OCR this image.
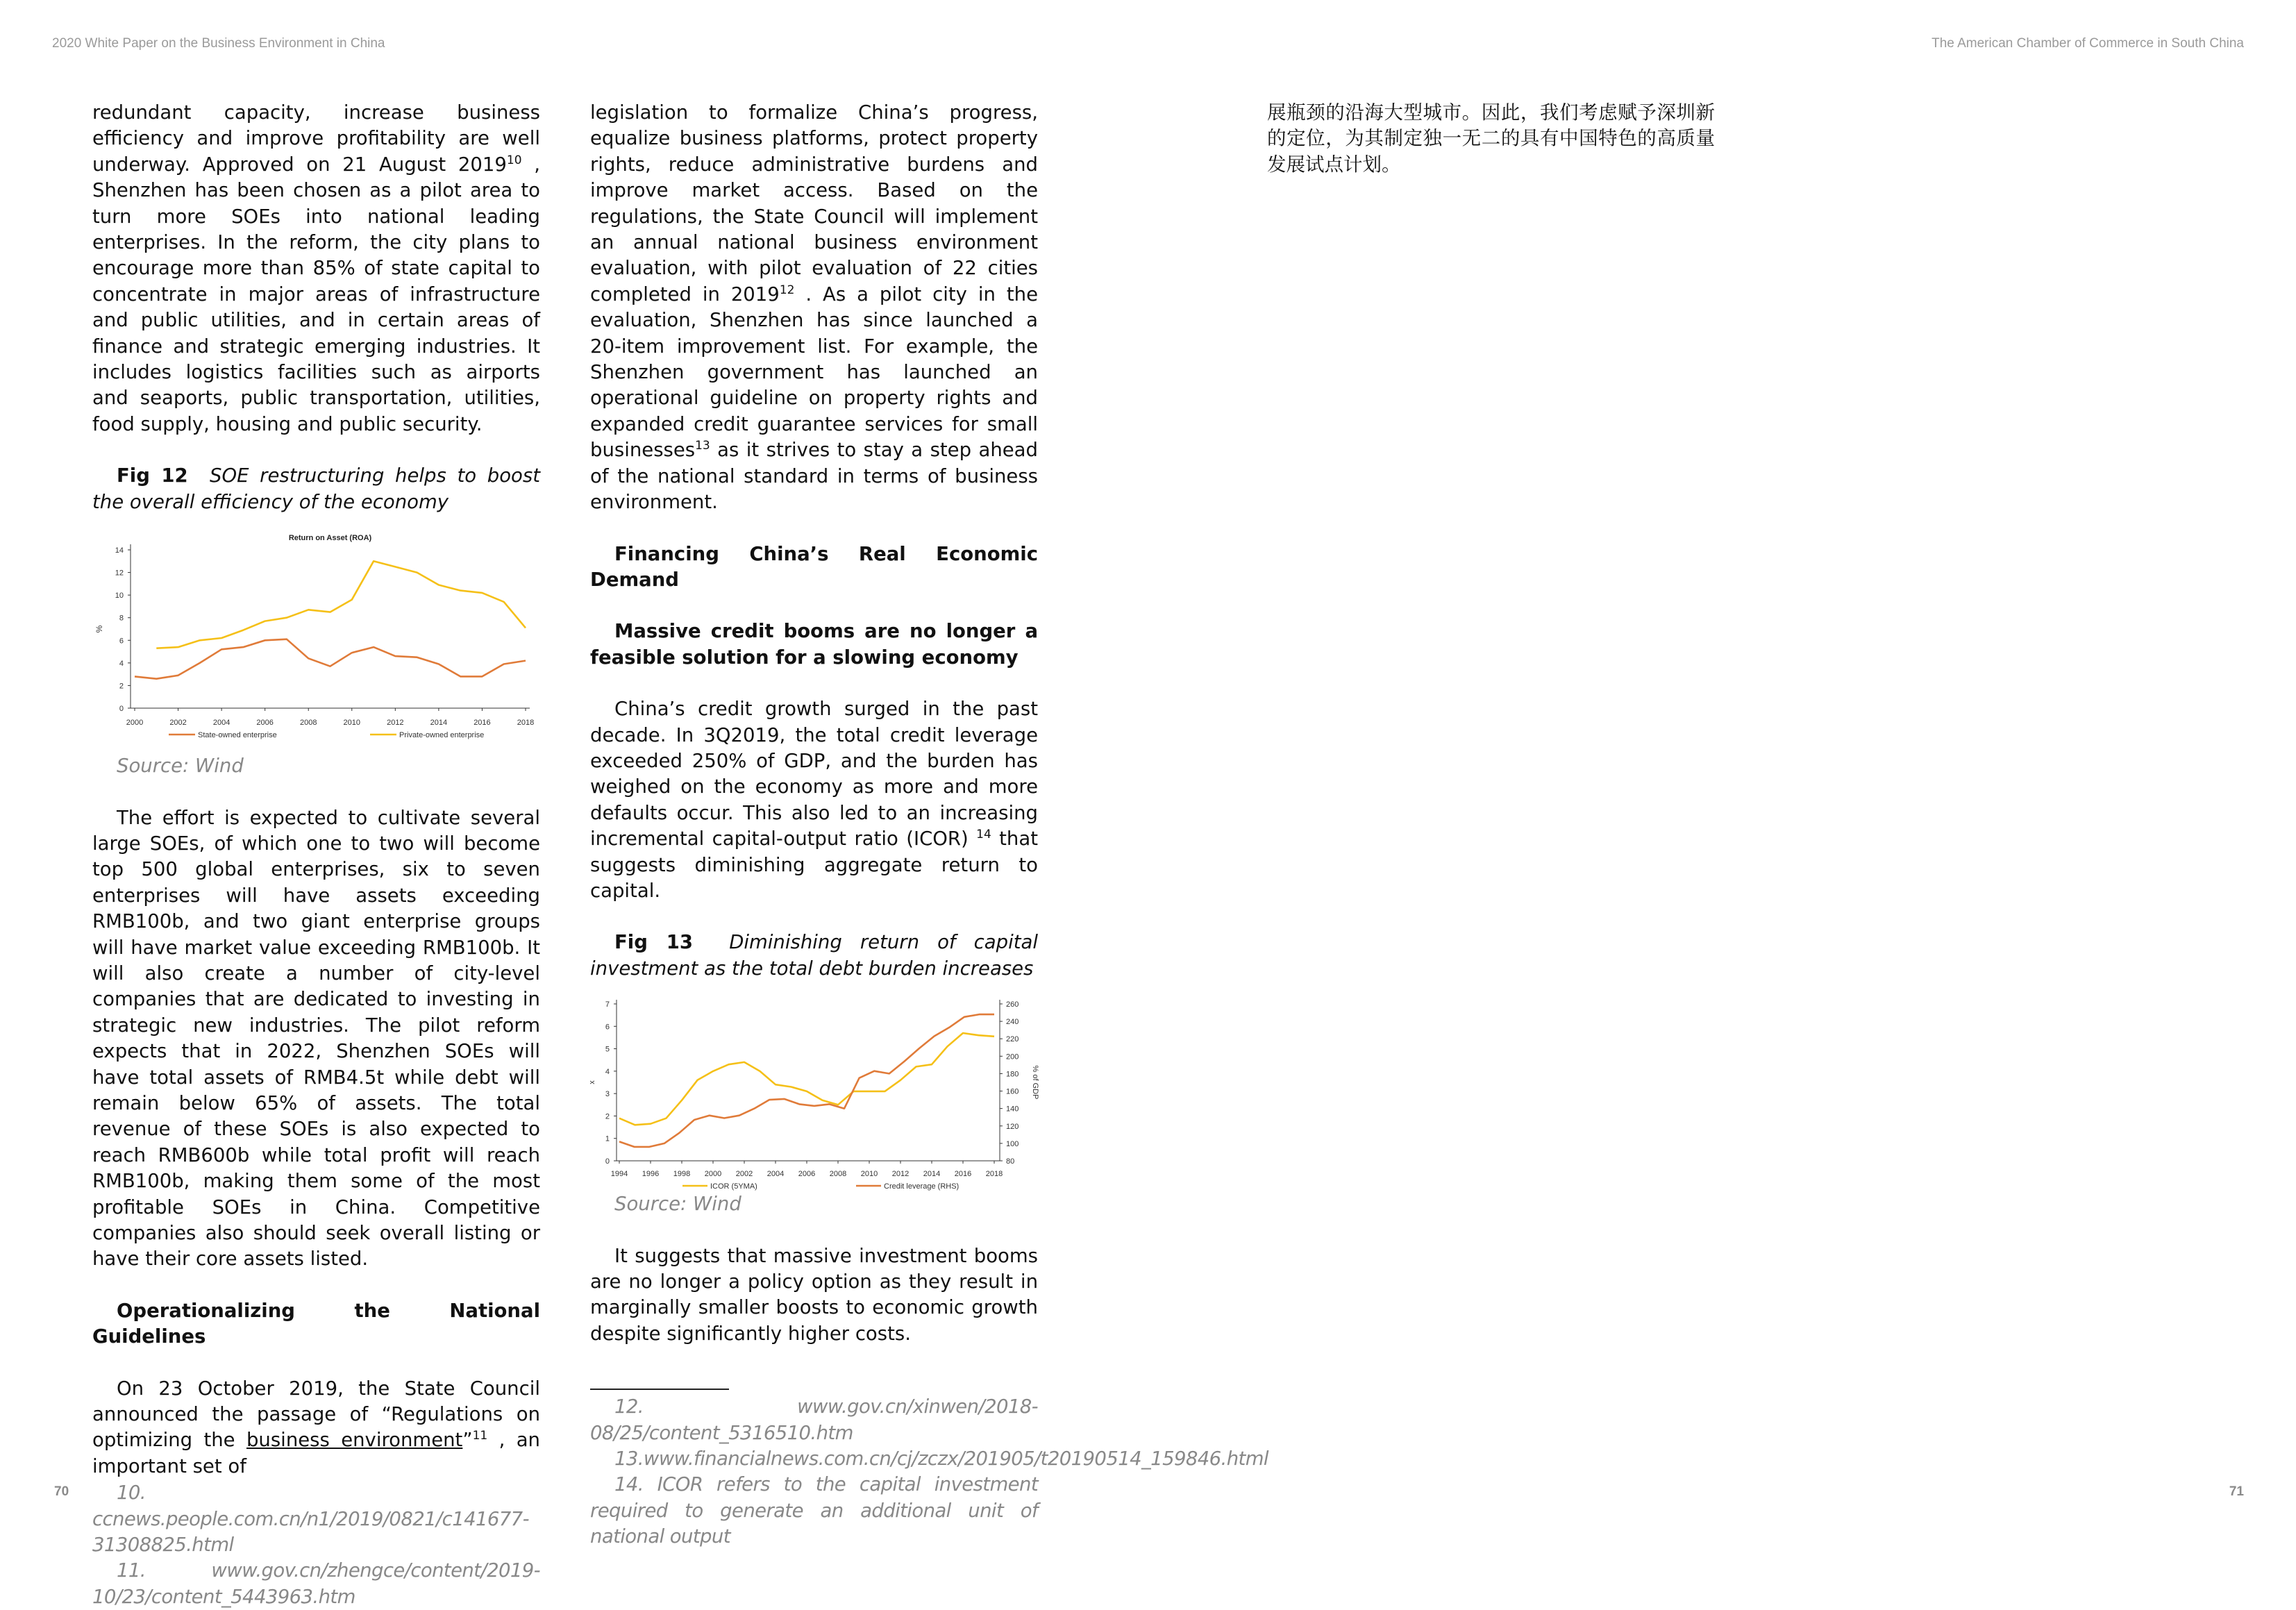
2020 White Paper on the Business Environment in China	The American Chamber of Commerce in South China

redundant capacity, increase business efficiency and improve profitability are well underway. Approved on 21 August 2019$^{10}$ , Shenzhen has been chosen as a pilot area to turn more SOEs into national leading enterprises. In the reform, the city plans to encourage more than 85% of state capital to concentrate in major areas of infrastructure and public utilities, and in certain areas of finance and strategic emerging industries. It includes logistics facilities such as airports and seaports, public transportation, utilities, food supply, housing and public security.

Fig 12 SOE restructuring helps to boost the overall efficiency of the economy

Return on Asset (ROA)
0
2
4
6
8
10
12
14
%
2000	2002	2004	2006	2008	2010	2012	2014	2016	2018
State-owned enterprise	Private-owned enterprise

Source: Wind

The effort is expected to cultivate several large SOEs, of which one to two will become top 500 global enterprises, six to seven enterprises will have assets exceeding RMB100b, and two giant enterprise groups will have market value exceeding RMB100b. It will also create a number of city-level companies that are dedicated to investing in strategic new industries. The pilot reform expects that in 2022, Shenzhen SOEs will have total assets of RMB4.5t while debt will remain below 65% of assets. The total revenue of these SOEs is also expected to reach RMB600b while total profit will reach RMB100b, making them some of the most profitable SOEs in China. Competitive companies also should seek overall listing or have their core assets listed.

Operationalizing the National Guidelines

On 23 October 2019, the State Council announced the passage of “Regulations on optimizing the business environment”$^{11}$ , an important set of

10. ccnews.people.com.cn/n1/2019/0821/c141677-31308825.html

11. www.gov.cn/zhengce/content/2019-10/23/content_5443963.htm

legislation to formalize China’s progress, equalize business platforms, protect property rights, reduce administrative burdens and improve market access. Based on the regulations, the State Council will implement an annual national business environment evaluation, with pilot evaluation of 22 cities completed in 2019$^{12}$ . As a pilot city in the evaluation, Shenzhen has since launched a 20-item improvement list. For example, the Shenzhen government has launched an operational guideline on property rights and expanded credit guarantee services for small businesses$^{13}$ as it strives to stay a step ahead of the national standard in terms of business environment.

Financing China’s Real Economic Demand

Massive credit booms are no longer a feasible solution for a slowing economy

China’s credit growth surged in the past decade. In 3Q2019, the total credit leverage exceeded 250% of GDP, and the burden has weighed on the economy as more and more defaults occur. This also led to an increasing incremental capital-output ratio (ICOR) $^{14}$ that suggests diminishing aggregate return to capital.

Fig 13 Diminishing return of capital investment as the total debt burden increases

0
1
2
3
4
5
6
7
80
100
120
140
160
180
200
220
240
260
x	% of GDP
1994 1996 1998 2000 2002 2004 2006 2008 2010 2012 2014 2016 2018
ICOR (5YMA)	Credit leverage (RHS)

Source: Wind

It suggests that massive investment booms are no longer a policy option as they result in marginally smaller boosts to economic growth despite significantly higher costs.

12. www.gov.cn/xinwen/2018-08/25/content_5316510.htm

13.www.financialnews.com.cn/cj/zczx/201905/t20190514_159846.html

14. ICOR refers to the capital investment required to generate an additional unit of national output

展瓶颈的沿海大型城市。因此，我们考虑赋予深圳新的定位，为其制定独一无二的具有中国特色的高质量发展试点计划。

70	71
